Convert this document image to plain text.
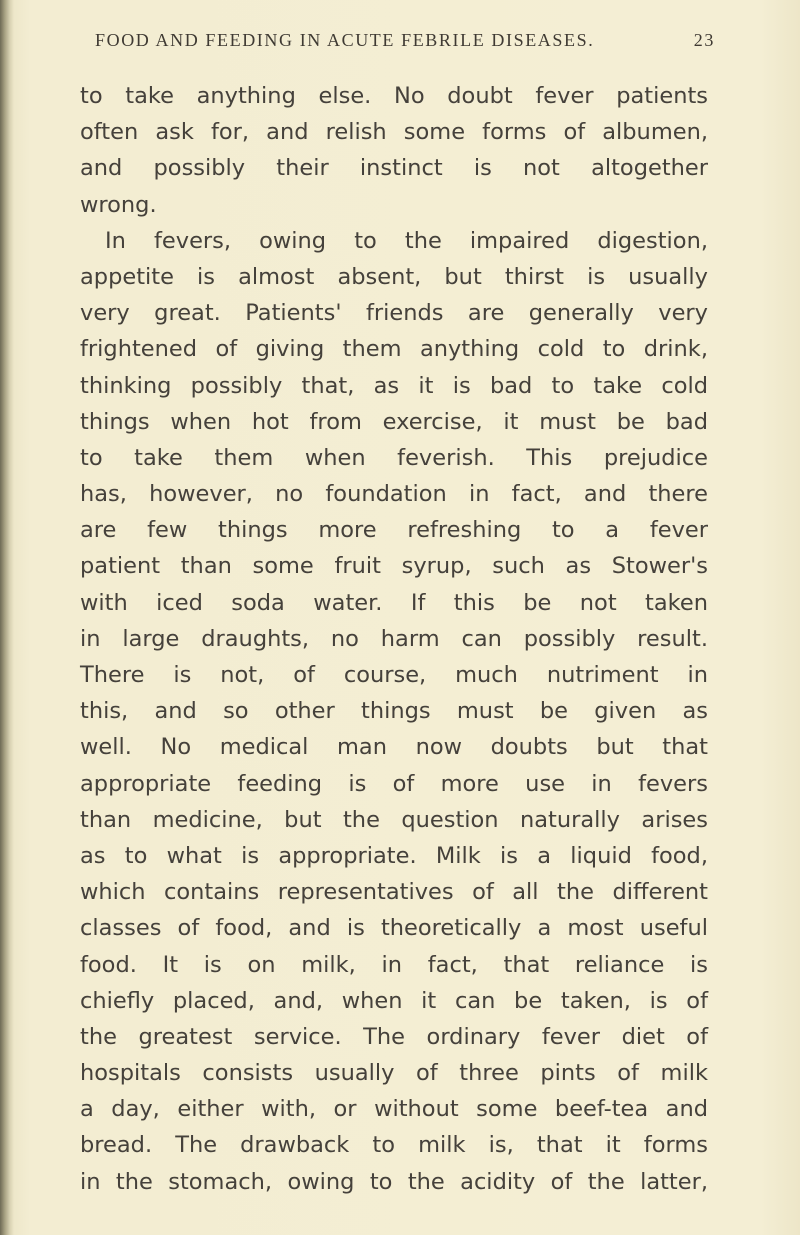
FOOD AND FEEDING IN ACUTE FEBRILE DISEASES.	23
to take anything else. No doubt fever patients
often ask for, and relish some forms of albumen,
and possibly their instinct is not altogether
wrong.
In fevers, owing to the impaired digestion,
appetite is almost absent, but thirst is usually
very great. Patients' friends are generally very
frightened of giving them anything cold to drink,
thinking possibly that, as it is bad to take cold
things when hot from exercise, it must be bad
to take them when feverish. This prejudice
has, however, no foundation in fact, and there
are few things more refreshing to a fever
patient than some fruit syrup, such as Stower's
with iced soda water. If this be not taken
in large draughts, no harm can possibly result.
There is not, of course, much nutriment in
this, and so other things must be given as
well. No medical man now doubts but that
appropriate feeding is of more use in fevers
than medicine, but the question naturally arises
as to what is appropriate. Milk is a liquid food,
which contains representatives of all the different
classes of food, and is theoretically a most useful
food. It is on milk, in fact, that reliance is
chiefly placed, and, when it can be taken, is of
the greatest service. The ordinary fever diet of
hospitals consists usually of three pints of milk
a day, either with, or without some beef-tea and
bread. The drawback to milk is, that it forms
in the stomach, owing to the acidity of the latter,
